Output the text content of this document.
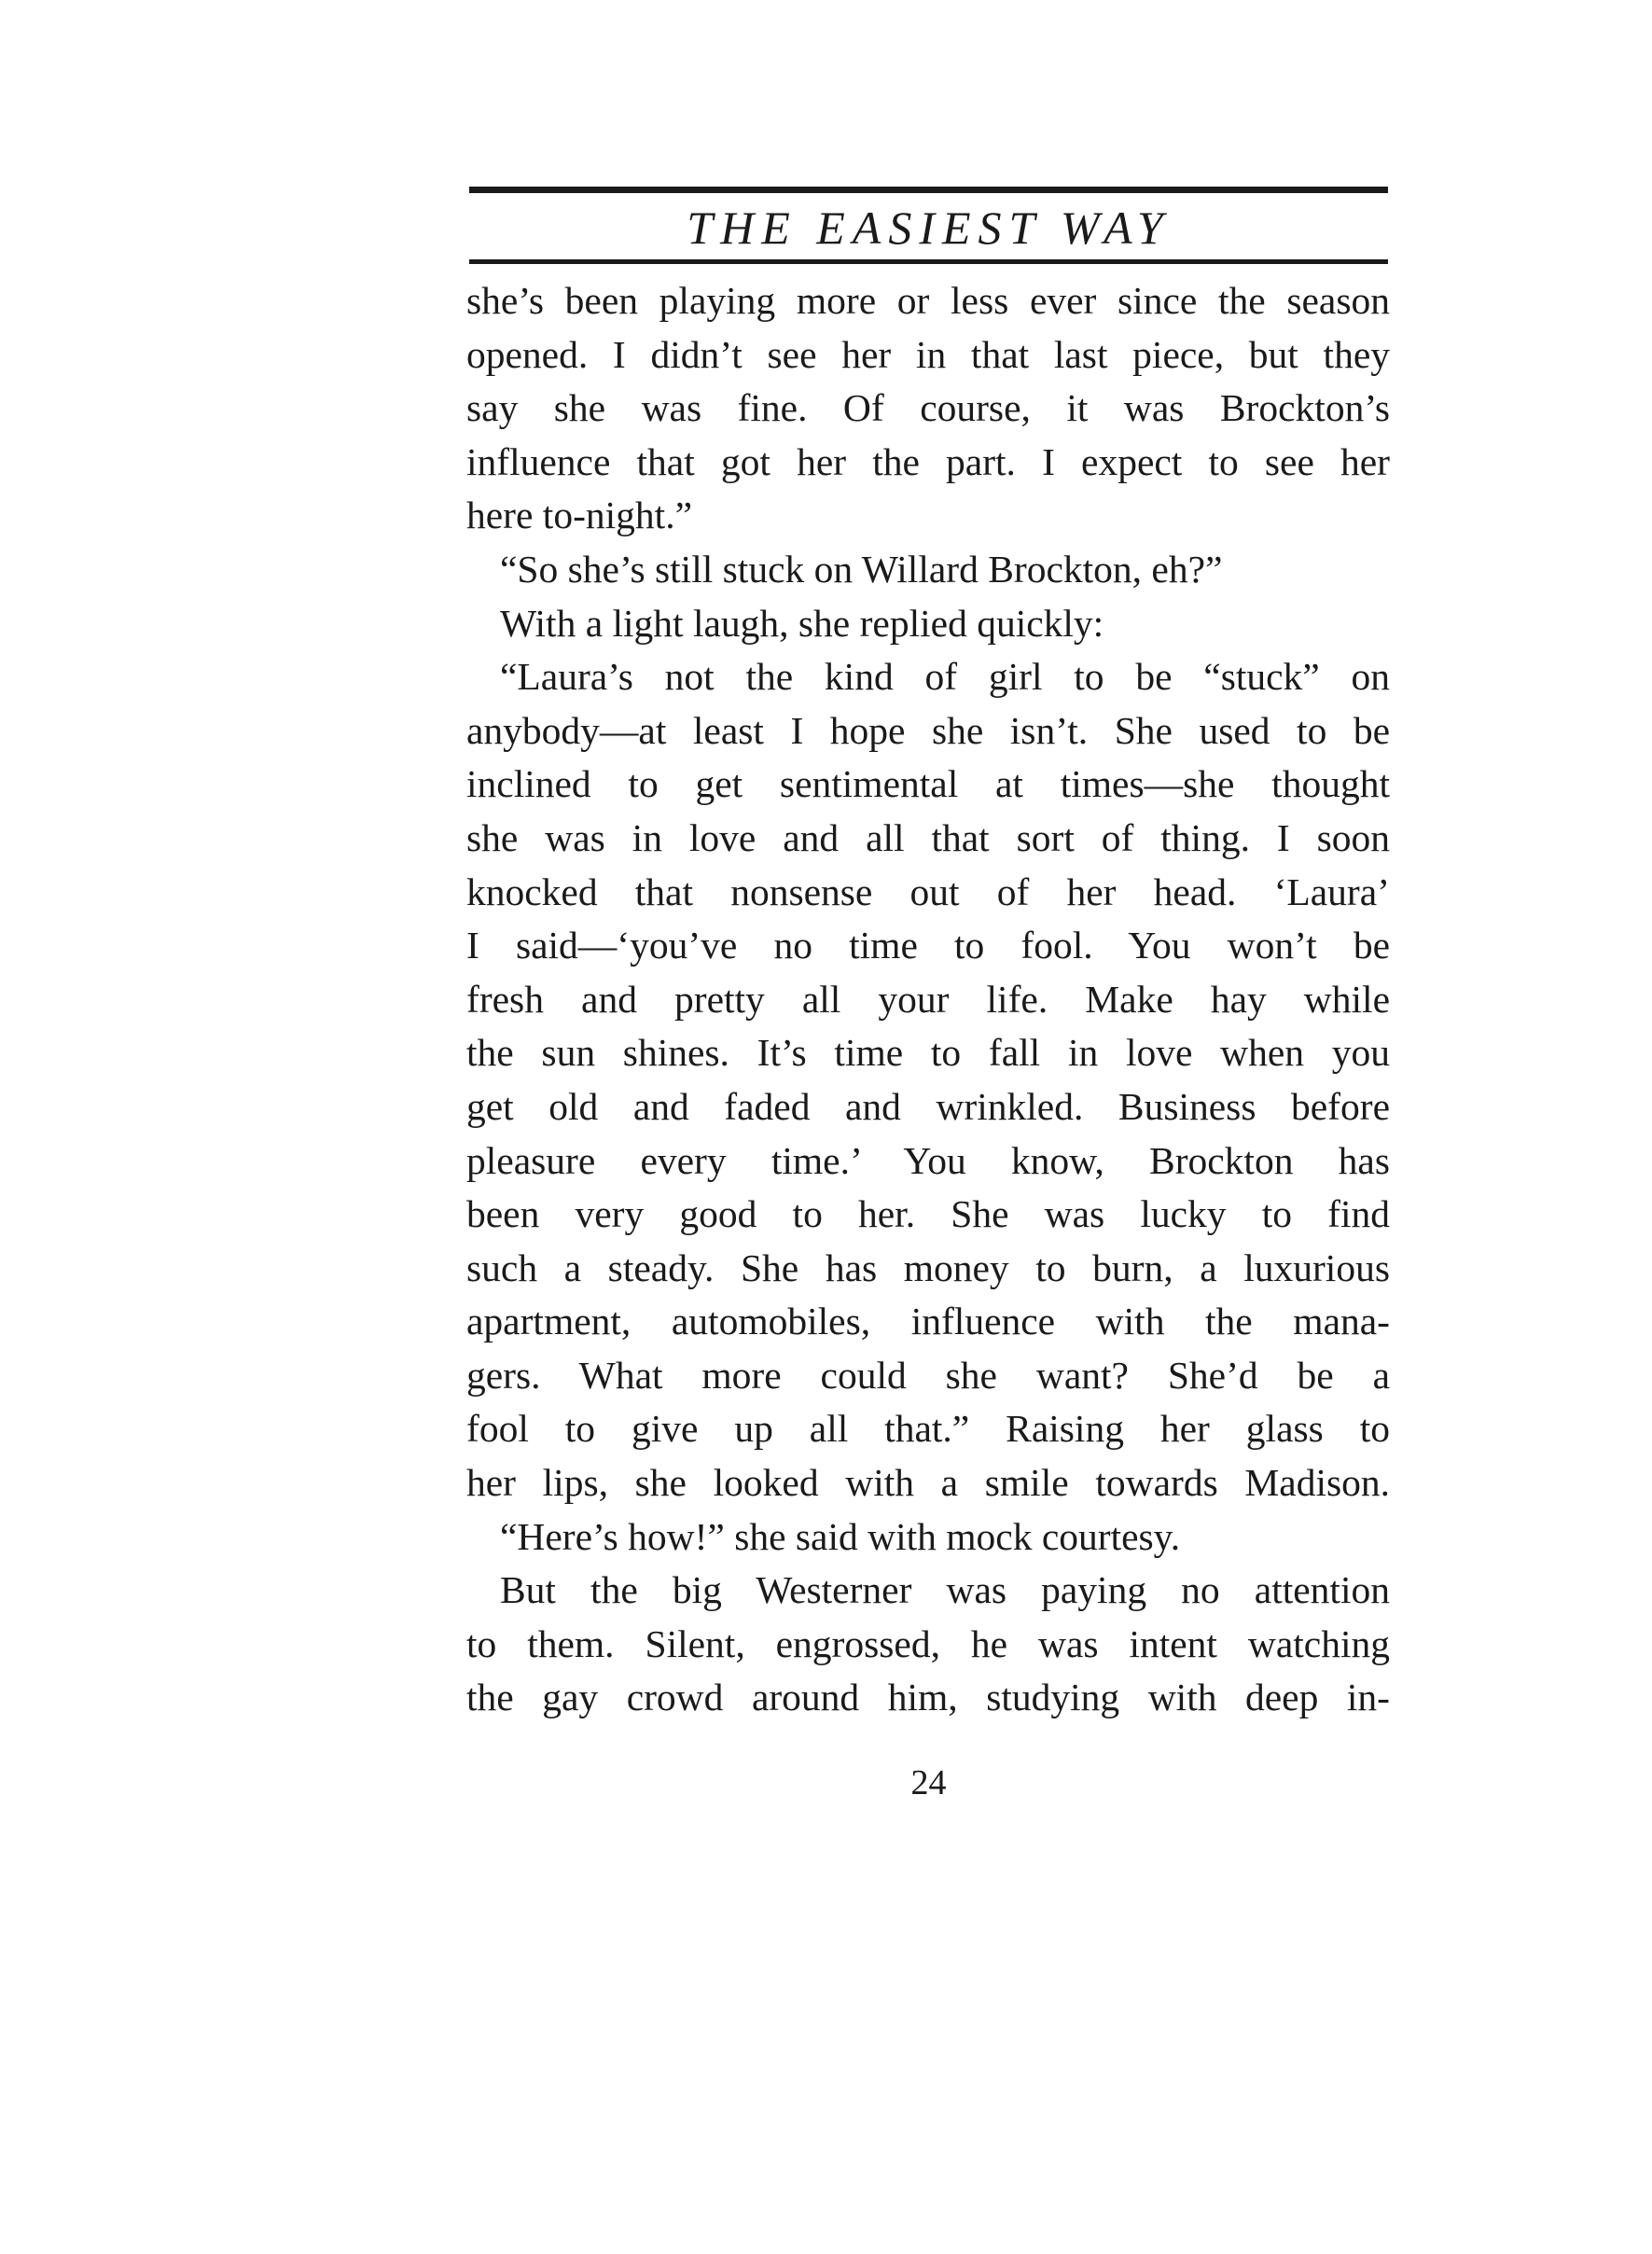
THE EASIEST WAY
she’s been playing more or less ever since the season
opened. I didn’t see her in that last piece, but they
say she was fine. Of course, it was Brockton’s
influence that got her the part. I expect to see her
here to-night.”
“So she’s still stuck on Willard Brockton, eh?”
With a light laugh, she replied quickly:
“Laura’s not the kind of girl to be “stuck” on
anybody—at least I hope she isn’t. She used to be
inclined to get sentimental at times—she thought
she was in love and all that sort of thing. I soon
knocked that nonsense out of her head. ‘Laura’
I said—‘you’ve no time to fool. You won’t be
fresh and pretty all your life. Make hay while
the sun shines. It’s time to fall in love when you
get old and faded and wrinkled. Business before
pleasure every time.’ You know, Brockton has
been very good to her. She was lucky to find
such a steady. She has money to burn, a luxurious
apartment, automobiles, influence with the mana-
gers. What more could she want? She’d be a
fool to give up all that.” Raising her glass to
her lips, she looked with a smile towards Madison.
“Here’s how!” she said with mock courtesy.
But the big Westerner was paying no attention
to them. Silent, engrossed, he was intent watching
the gay crowd around him, studying with deep in-
24
